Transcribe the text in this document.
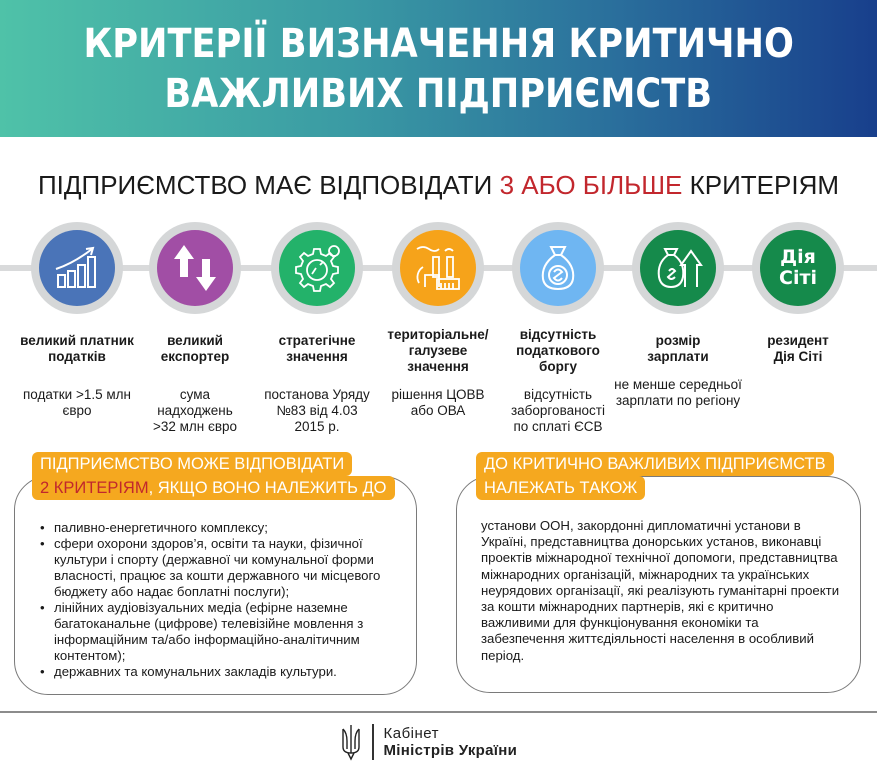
КРИТЕРІЇ ВИЗНАЧЕННЯ КРИТИЧНО
ВАЖЛИВИХ ПІДПРИЄМСТВ
ПІДПРИЄМСТВО МАЄ ВІДПОВІДАТИ 3 АБО БІЛЬШЕ КРИТЕРІЯМ
Дія
Сіті
великий платник податків
податки >1.5 млн євро
великий експортер
сума надходжень >32 млн євро
стратегічне значення
постанова Уряду №83 від 4.03 2015 р.
територіальне/ галузеве значення
рішення ЦОВВ або ОВА
відсутність податкового боргу
відсутність заборгованості по сплаті ЄСВ
розмір зарплати
не менше середньої зарплати по регіону
резидент Дія Сіті
ПІДПРИЄМСТВО МОЖЕ ВІДПОВІДАТИ
2 КРИТЕРІЯМ, ЯКЩО ВОНО НАЛЕЖИТЬ ДО
• паливно-енергетичного комплексу;
• сфери охорони здоров’я, освіти та науки, фізичної культури і спорту (державної чи комунальної форми власності, працює за кошти державного чи місцевого бюджету або надає боплатні послуги);
• лінійних аудіовізуальних медіа (ефірне наземне багатоканальне (цифрове) телевізійне мовлення з інформаційним та/або інформаційно-аналітичним контентом);
• державних та комунальних закладів культури.
ДО КРИТИЧНО ВАЖЛИВИХ ПІДПРИЄМСТВ
НАЛЕЖАТЬ ТАКОЖ
установи ООН, закордонні дипломатичні установи в Україні, представництва донорських установ, виконавці проектів міжнародної технічної допомоги, представництва міжнародних організацій, міжнародних та українських неурядових організації, які реалізують гуманітарні проекти за кошти міжнародних партнерів, які є критично важливими для функціонування економіки та забезпечення життєдіяльності населення в особливий період.
Кабінет
Міністрів України
